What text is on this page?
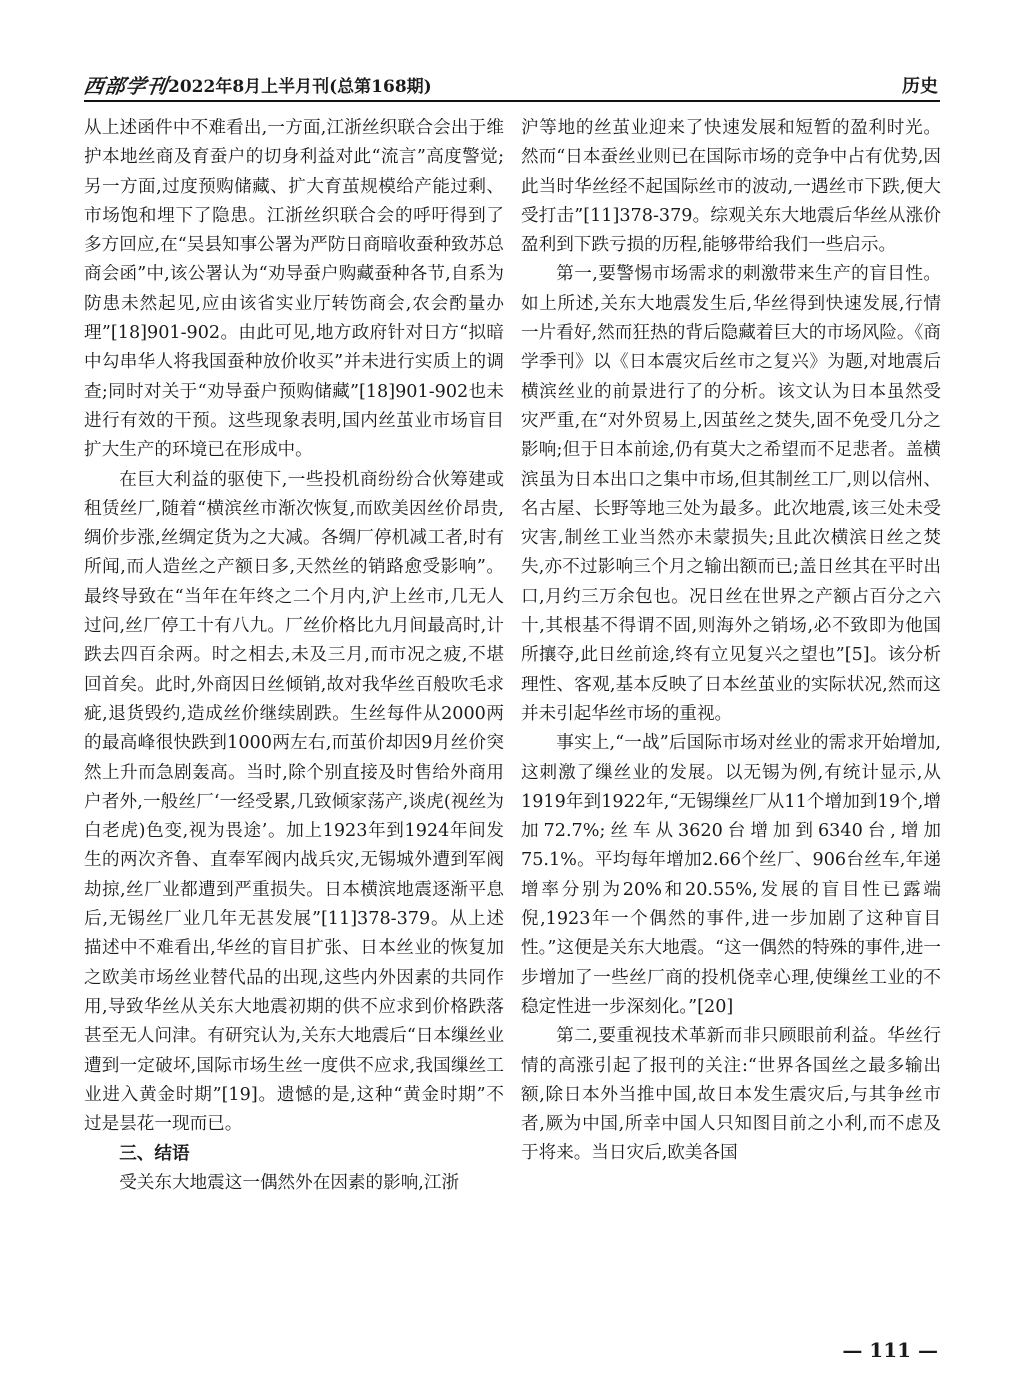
西部学刊
2022年8月上半月刊(总第168期)	历史

从上述函件中不难看出,一方面,江浙丝织联合会出于维护本地丝商及育蚕户的切身利益对此“流言”高度警觉;另一方面,过度预购储藏、扩大育茧规模给产能过剩、市场饱和埋下了隐患。江浙丝织联合会的呼吁得到了多方回应,在“吴县知事公署为严防日商暗收蚕种致苏总商会函”中,该公署认为“劝导蚕户购藏蚕种各节,自系为防患未然起见,应由该省实业厅转饬商会,农会酌量办理”[18]901-902。由此可见,地方政府针对日方“拟暗中勾串华人将我国蚕种放价收买”并未进行实质上的调查;同时对关于“劝导蚕户预购储藏”[18]901-902也未进行有效的干预。这些现象表明,国内丝茧业市场盲目扩大生产的环境已在形成中。

在巨大利益的驱使下,一些投机商纷纷合伙筹建或租赁丝厂,随着“横滨丝市渐次恢复,而欧美因丝价昂贵,绸价步涨,丝绸定货为之大减。各绸厂停机减工者,时有所闻,而人造丝之产额日多,天然丝的销路愈受影响”。最终导致在“当年在年终之二个月内,沪上丝市,几无人过问,丝厂停工十有八九。厂丝价格比九月间最高时,计跌去四百余两。时之相去,未及三月,而市况之疲,不堪回首矣。此时,外商因日丝倾销,故对我华丝百般吹毛求疵,退货毁约,造成丝价继续剧跌。生丝每件从2000两的最高峰很快跌到1000两左右,而茧价却因9月丝价突然上升而急剧轰高。当时,除个别直接及时售给外商用户者外,一般丝厂‘一经受累,几致倾家荡产,谈虎(视丝为白老虎)色变,视为畏途’。加上1923年到1924年间发生的两次齐鲁、直奉军阀内战兵灾,无锡城外遭到军阀劫掠,丝厂业都遭到严重损失。日本横滨地震逐渐平息后,无锡丝厂业几年无甚发展”[11]378-379。从上述描述中不难看出,华丝的盲目扩张、日本丝业的恢复加之欧美市场丝业替代品的出现,这些内外因素的共同作用,导致华丝从关东大地震初期的供不应求到价格跌落甚至无人问津。有研究认为,关东大地震后“日本缫丝业遭到一定破坏,国际市场生丝一度供不应求,我国缫丝工业进入黄金时期”[19]。遗憾的是,这种“黄金时期”不过是昙花一现而已。

三、结语

受关东大地震这一偶然外在因素的影响,江浙

沪等地的丝茧业迎来了快速发展和短暂的盈利时光。然而“日本蚕丝业则已在国际市场的竞争中占有优势,因此当时华丝经不起国际丝市的波动,一遇丝市下跌,便大受打击”[11]378-379。综观关东大地震后华丝从涨价盈利到下跌亏损的历程,能够带给我们一些启示。

第一,要警惕市场需求的刺激带来生产的盲目性。如上所述,关东大地震发生后,华丝得到快速发展,行情一片看好,然而狂热的背后隐藏着巨大的市场风险。《商学季刊》以《日本震灾后丝市之复兴》为题,对地震后横滨丝业的前景进行了的分析。该文认为日本虽然受灾严重,在“对外贸易上,因茧丝之焚失,固不免受几分之影响;但于日本前途,仍有莫大之希望而不足悲者。盖横滨虽为日本出口之集中市场,但其制丝工厂,则以信州、名古屋、长野等地三处为最多。此次地震,该三处未受灾害,制丝工业当然亦未蒙损失;且此次横滨日丝之焚失,亦不过影响三个月之输出额而已;盖日丝其在平时出口,月约三万余包也。况日丝在世界之产额占百分之六十,其根基不得谓不固,则海外之销场,必不致即为他国所攘夺,此日丝前途,终有立见复兴之望也”[5]。该分析理性、客观,基本反映了日本丝茧业的实际状况,然而这并未引起华丝市场的重视。

事实上,“一战”后国际市场对丝业的需求开始增加,这刺激了缫丝业的发展。以无锡为例,有统计显示,从1919年到1922年,“无锡缫丝厂从11个增加到19个,增加72.7%;丝车从3620台增加到6340台,增加75.1%。平均每年增加2.66个丝厂、906台丝车,年递增率分别为20%和20.55%,发展的盲目性已露端倪,1923年一个偶然的事件,进一步加剧了这种盲目性。”这便是关东大地震。“这一偶然的特殊的事件,进一步增加了一些丝厂商的投机侥幸心理,使缫丝工业的不稳定性进一步深刻化。”[20]

第二,要重视技术革新而非只顾眼前利益。华丝行情的高涨引起了报刊的关注:“世界各国丝之最多输出额,除日本外当推中国,故日本发生震灾后,与其争丝市者,厥为中国,所幸中国人只知图目前之小利,而不虑及于将来。当日灾后,欧美各国

— 111 —
